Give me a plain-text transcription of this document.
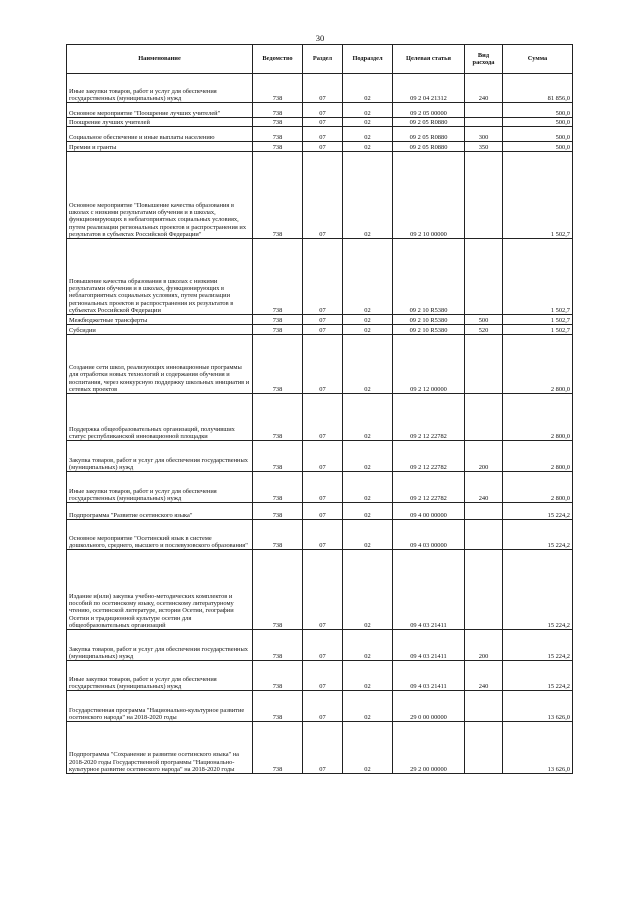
30
Наименование	Ведомство	Раздел	Подраздел	Целевая статья	Вид расхода	Сумма
Иные закупки товаров, работ и услуг для обеспечения государственных (муниципальных) нужд	738	07	02	09 2 04 21312	240	81 856,0
Основное мероприятие "Поощрение лучших учителей"	738	07	02	09 2 05 00000		500,0
Поощрение лучших учителей	738	07	02	09 2 05 R0880		500,0
Социальное обеспечение и иные выплаты населению	738	07	02	09 2 05 R0880	300	500,0
Премии и гранты	738	07	02	09 2 05 R0880	350	500,0
Основное мероприятие "Повышение качества образования в школах с низкими результатами обучения и в школах, функционирующих в неблагоприятных социальных условиях, путем реализации региональных проектов и распространения их результатов в субъектах Российской Федерации"	738	07	02	09 2 10 00000		1 502,7
Повышение качества образования в школах с низкими результатами обучения и в школах, функционирующих в неблагоприятных социальных условиях, путем реализации региональных проектов и распространения их результатов в субъектах Российской Федерации	738	07	02	09 2 10 R5380		1 502,7
Межбюджетные трансферты	738	07	02	09 2 10 R5380	500	1 502,7
Субсидии	738	07	02	09 2 10 R5380	520	1 502,7
Создание сети школ, реализующих инновационные программы для отработки новых технологий и содержания обучения и воспитания, через конкурсную поддержку школьных инициатив и сетевых проектов	738	07	02	09 2 12 00000		2 800,0
Поддержка общеобразовательных организаций, получивших статус республиканской инновационной площадки	738	07	02	09 2 12 22782		2 800,0
Закупка товаров, работ и услуг для обеспечения государственных (муниципальных) нужд	738	07	02	09 2 12 22782	200	2 800,0
Иные закупки товаров, работ и услуг для обеспечения государственных (муниципальных) нужд	738	07	02	09 2 12 22782	240	2 800,0
Подпрограмма "Развитие осетинского языка"	738	07	02	09 4 00 00000		15 224,2
Основное мероприятие "Осетинский язык в системе дошкольного, среднего, высшего и послевузовского образования"	738	07	02	09 4 03 00000		15 224,2
Издание и(или) закупка учебно-методических комплектов и пособий по осетинскому языку, осетинскому литературному чтению, осетинской литературе, истории Осетии, географии Осетии и традиционной культуре осетин для общеобразовательных организаций	738	07	02	09 4 03 21411		15 224,2
Закупка товаров, работ и услуг для обеспечения государственных (муниципальных) нужд	738	07	02	09 4 03 21411	200	15 224,2
Иные закупки товаров, работ и услуг для обеспечения государственных (муниципальных) нужд	738	07	02	09 4 03 21411	240	15 224,2
Государственная программа "Национально-культурное развитие осетинского народа" на 2018-2020 годы	738	07	02	29 0 00 00000		13 626,0
Подпрограмма "Сохранение и развитие осетинского языка" на 2018-2020 годы Государственной программы "Национально-культурное развитие осетинского народа" на 2018-2020 годы	738	07	02	29 2 00 00000		13 626,0
